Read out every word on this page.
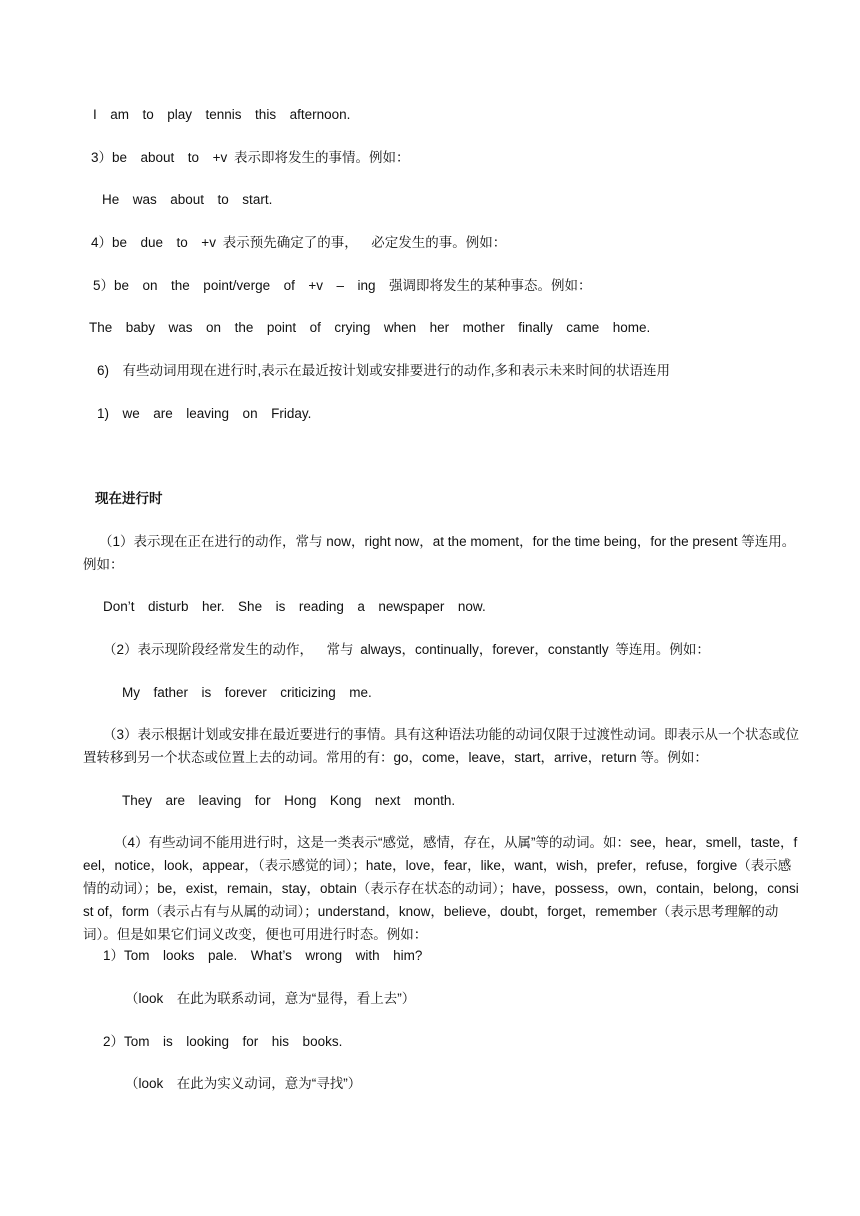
I  am  to  play  tennis  this  afternoon.
3）be  about  to  +v 表示即将发生的事情。例如：
He  was  about  to  start.
4）be  due  to  +v 表示预先确定了的事，  必定发生的事。例如：
5）be  on  the  point/verge  of  +v  –  ing  强调即将发生的某种事态。例如：
The  baby  was  on  the  point  of  crying  when  her  mother  finally  came  home.
6)  有些动词用现在进行时,表示在最近按计划或安排要进行的动作,多和表示未来时间的状语连用
1)  we  are  leaving  on  Friday.
现在进行时
（1）表示现在正在进行的动作，常与 now，right now，at the moment，for the time being，for the present 等连用。例如：
Don’t  disturb  her.  She  is  reading  a  newspaper  now.
（2）表示现阶段经常发生的动作，  常与 always，continually，forever，constantly 等连用。例如：
My  father  is  forever  criticizing  me.
（3）表示根据计划或安排在最近要进行的事情。具有这种语法功能的动词仅限于过渡性动词。即表示从一个状态或位置转移到另一个状态或位置上去的动词。常用的有：go，come，leave，start，arrive，return 等。例如：
They  are  leaving  for  Hong  Kong  next  month.
（4）有些动词不能用进行时，这是一类表示“感觉，感情，存在，从属”等的动词。如：see，hear，smell，taste，feel，notice，look，appear，（表示感觉的词）；hate，love，fear，like，want，wish，prefer，refuse，forgive（表示感情的动词）；be，exist，remain，stay，obtain（表示存在状态的动词）；have，possess，own，contain，belong，consist of，form（表示占有与从属的动词）；understand，know，believe，doubt，forget，remember（表示思考理解的动词）。但是如果它们词义改变，便也可用进行时态。例如：
1）Tom  looks  pale.  What’s  wrong  with  him?
（look  在此为联系动词，意为“显得，看上去”）
2）Tom  is  looking  for  his  books.
（look  在此为实义动词，意为“寻找”）
